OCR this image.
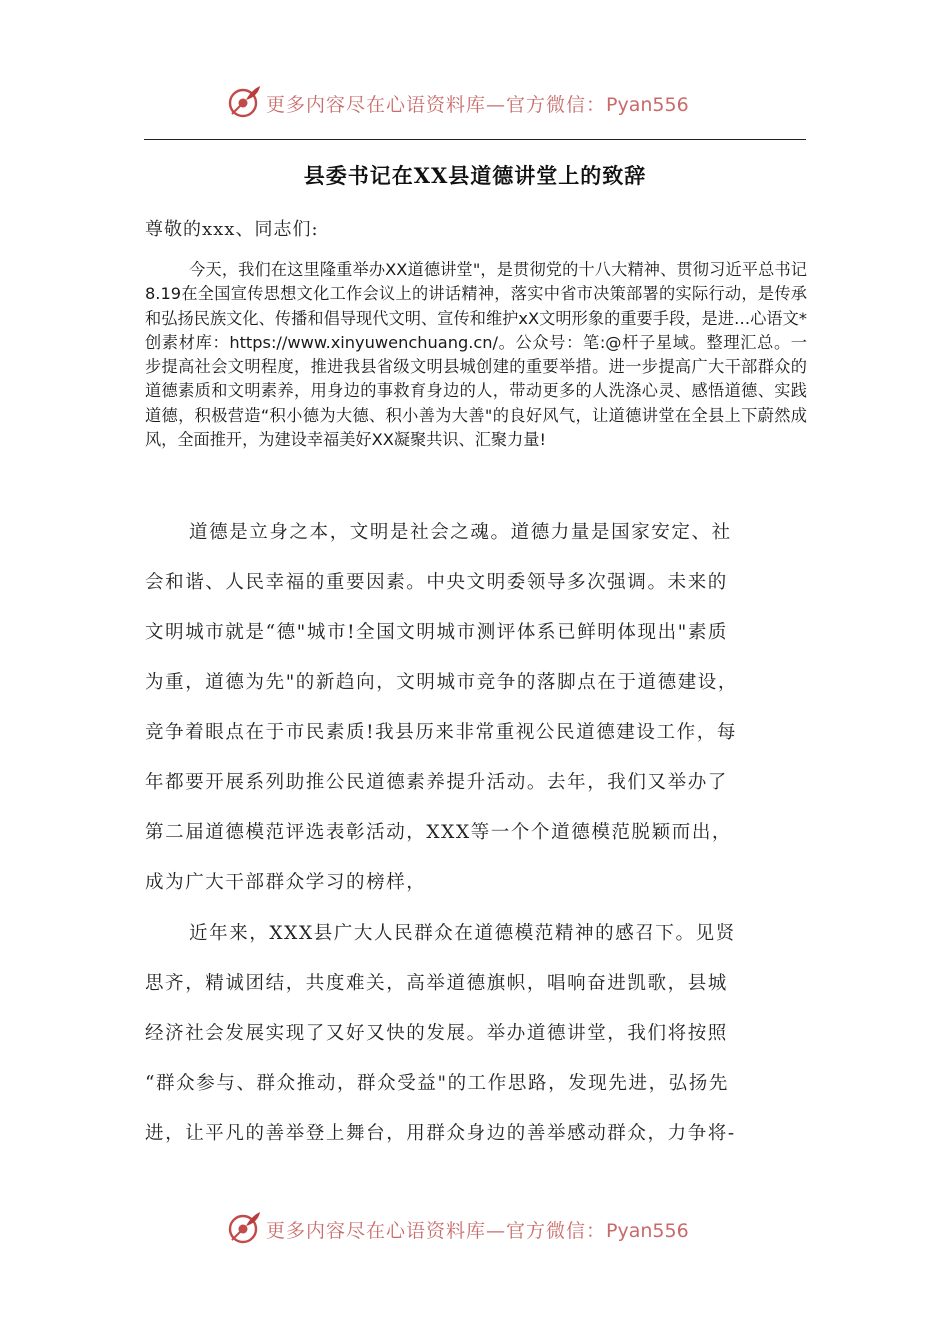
更多内容尽在心语资料库—官方微信：Pyan556
县委书记在XX县道德讲堂上的致辞
尊敬的xxx、同志们:

今天，我们在这里隆重举办XX道德讲堂"，是贯彻党的十八大精神、贯彻习近平总书记8.19在全国宣传思想文化工作会议上的讲话精神，落实中省市决策部署的实际行动，是传承和弘扬民族文化、传播和倡导现代文明、宣传和维护xX文明形象的重要手段，是进…心语文*创素材库：https://www.xinyuwenchuang.cn/。公众号：笔:@杆子星域。整理汇总。一步提高社会文明程度，推进我县省级文明县城创建的重要举措。进一步提高广大干部群众的道德素质和文明素养，用身边的事救育身边的人，带动更多的人洗涤心灵、感悟道德、实践道德，积极营造“积小德为大德、积小善为大善"的良好风气，让道德讲堂在全县上下蔚然成风，全面推开，为建设幸福美好XX凝聚共识、汇聚力量!

道德是立身之本，文明是社会之魂。道德力量是国家安定、社
会和谐、人民幸福的重要因素。中央文明委领导多次强调。未来的
文明城市就是“德"城市!全国文明城市测评体系已鲜明体现出"素质
为重，道德为先"的新趋向，文明城市竞争的落脚点在于道德建设，
竞争着眼点在于市民素质!我县历来非常重视公民道德建设工作，每
年都要开展系列助推公民道德素养提升活动。去年，我们又举办了
第二届道德模范评选表彰活动，XXX等一个个道德模范脱颖而出，
成为广大干部群众学习的榜样，
近年来，XXX县广大人民群众在道德模范精神的感召下。见贤
思齐，精诚团结，共度难关，高举道德旗帜，唱响奋进凯歌，县城
经济社会发展实现了又好又快的发展。举办道德讲堂，我们将按照
“群众参与、群众推动，群众受益"的工作思路，发现先进，弘扬先
进，让平凡的善举登上舞台，用群众身边的善举感动群众，力争将-
更多内容尽在心语资料库—官方微信：Pyan556
